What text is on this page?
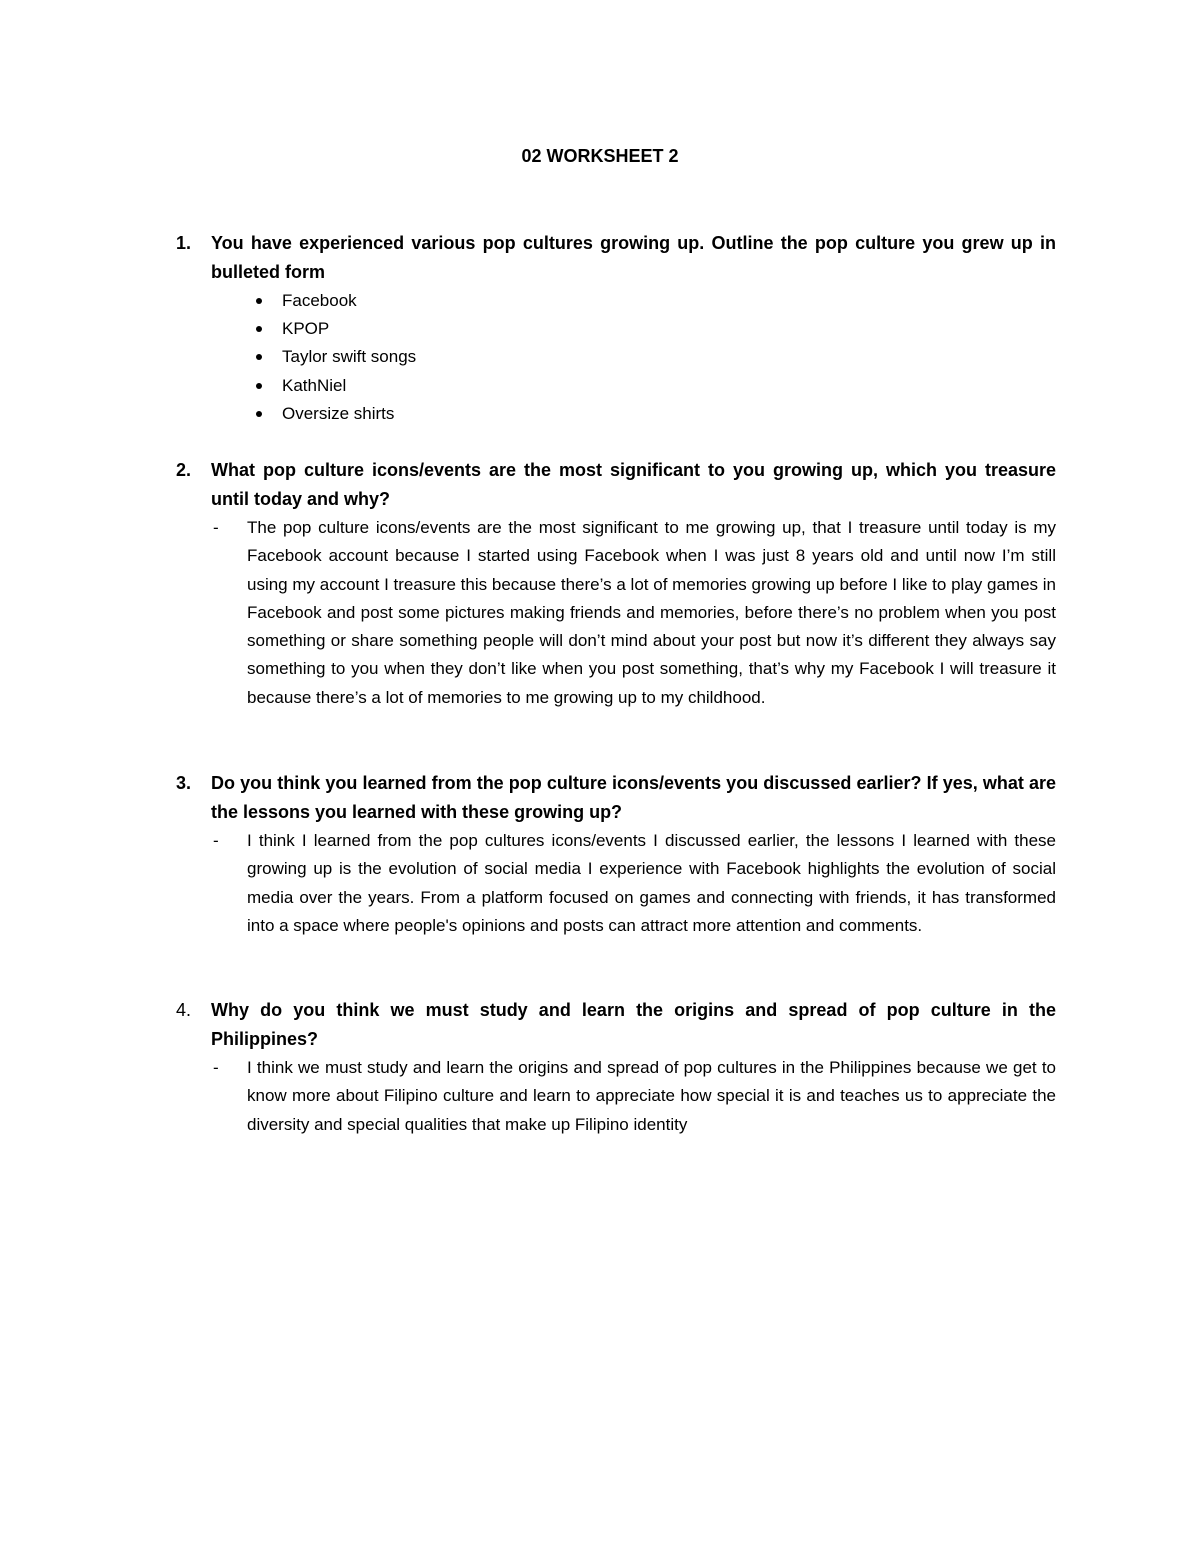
02 WORKSHEET 2
1.	You have experienced various pop cultures growing up. Outline the pop culture you grew up in bulleted form
Facebook
KPOP
Taylor swift songs
KathNiel
Oversize shirts
2.	What pop culture icons/events are the most significant to you growing up, which you treasure until today and why?
- The pop culture icons/events are the most significant to me growing up, that I treasure until today is my Facebook account because I started using Facebook when I was just 8 years old and until now I’m still using my account I treasure this because there’s a lot of memories growing up before I like to play games in Facebook and post some pictures making friends and memories, before there’s no problem when you post something or share something people will don’t mind about your post but now it’s different they always say something to you when they don’t like when you post something, that’s why my Facebook I will treasure it because there’s a lot of memories to me growing up to my childhood.
3.	Do you think you learned from the pop culture icons/events you discussed earlier? If yes, what are the lessons you learned with these growing up?
- I think I learned from the pop cultures icons/events I discussed earlier, the lessons I learned with these growing up is the evolution of social media I experience with Facebook highlights the evolution of social media over the years. From a platform focused on games and connecting with friends, it has transformed into a space where people's opinions and posts can attract more attention and comments.
4.	Why do you think we must study and learn the origins and spread of pop culture in the Philippines?
- I think we must study and learn the origins and spread of pop cultures in the Philippines because we get to know more about Filipino culture and learn to appreciate how special it is and teaches us to appreciate the diversity and special qualities that make up Filipino identity
